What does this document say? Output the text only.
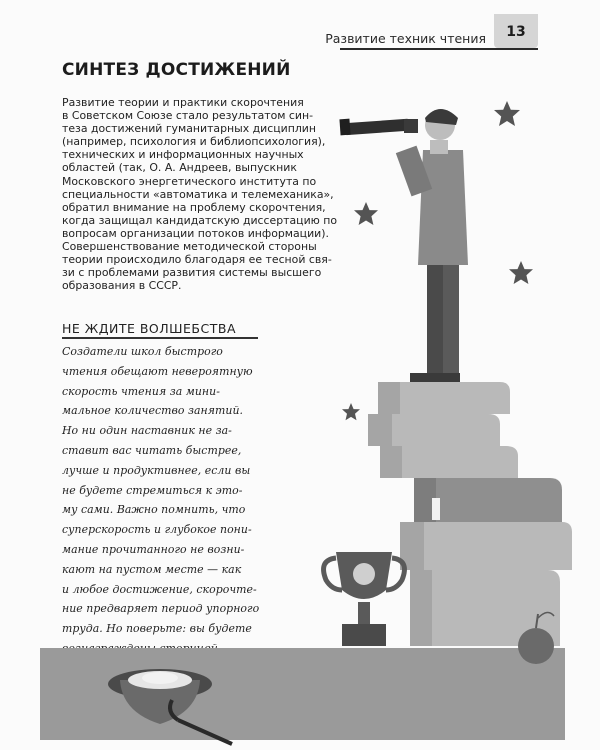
Развитие техник чтения 13
СИНТЕЗ ДОСТИЖЕНИЙ
Развитие теории и практики скорочтения
в Советском Союзе стало результатом син-
теза достижений гуманитарных дисциплин
(например, психология и библиопсихология),
технических и информационных научных
областей (так, О. А. Андреев, выпускник
Московского энергетического института по
специальности «автоматика и телемеханика»,
обратил внимание на проблему скорочтения,
когда защищал кандидатскую диссертацию по
вопросам организации потоков информации).
Совершенствование методической стороны
теории происходило благодаря ее тесной свя-
зи с проблемами развития системы высшего
образования в СССР.
НЕ ЖДИТЕ ВОЛШЕБСТВА
Создатели школ быстрого
чтения обещают невероятную
скорость чтения за мини-
мальное количество занятий.
Но ни один наставник не за-
ставит вас читать быстрее,
лучше и продуктивнее, если вы
не будете стремиться к это-
му сами. Важно помнить, что
суперскорость и глубокое пони-
мание прочитанного не возни-
кают на пустом месте — как
и любое достижение, скорочте-
ние предваряет период упорного
труда. Но поверьте: вы будете
